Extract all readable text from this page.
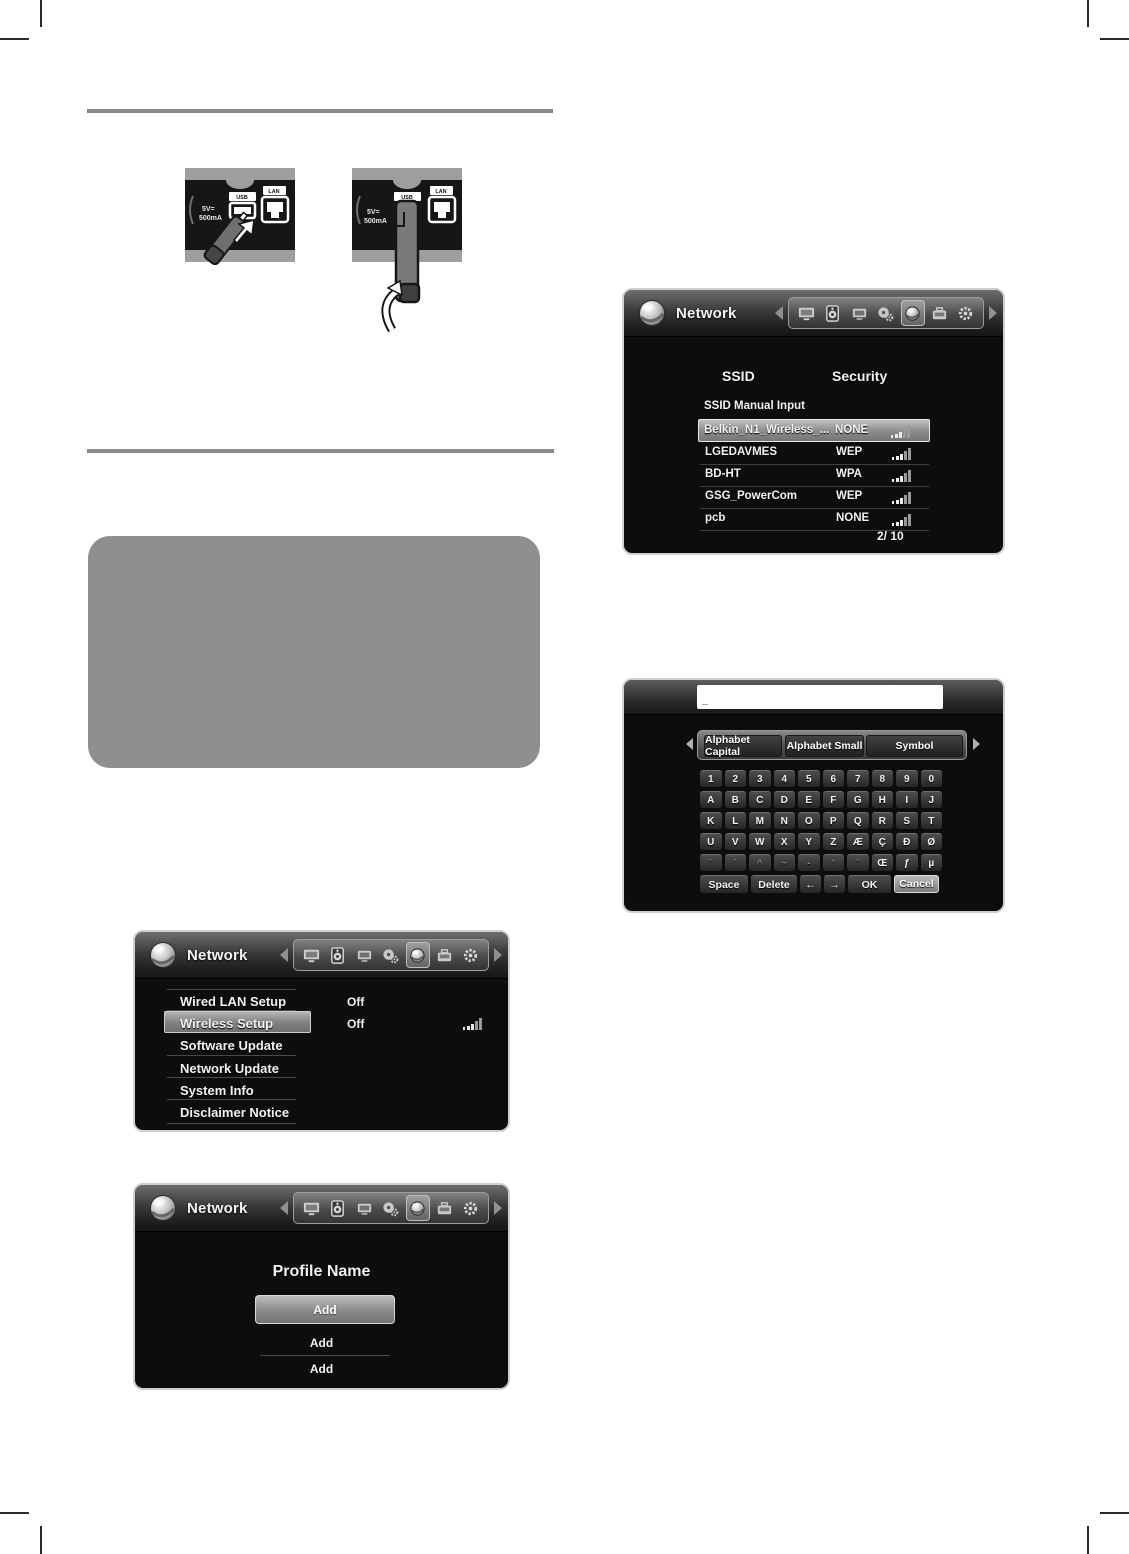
5V=
500mA
USB
LAN
5V=
500mA
USB
LAN
Network
SSID	Security
SSID Manual Input
Belkin_N1_Wireless_... NONE
LGEDAVMES	WEP
BD-HT	WPA
GSG_PowerCom	WEP
pcb	NONE
2/ 10
_
Alphabet Capital	Alphabet Small	Symbol
1	2	3	4	5	6	7	8	9	0
A	B	C	D	E	F	G	H	I	J
K	L	M	N	O	P	Q	R	S	T
U	V	W	X	Y	Z	Æ	Ç	Ð	Ø
`	´	^	~	-	'	¨	Œ	ƒ	µ
Space	Delete	←	→	OK	Cancel
Network
Wired LAN Setup	Off
Wireless Setup	Off
Software Update
Network Update
System Info
Disclaimer Notice
Network
Profile Name
Add
Add
Add
